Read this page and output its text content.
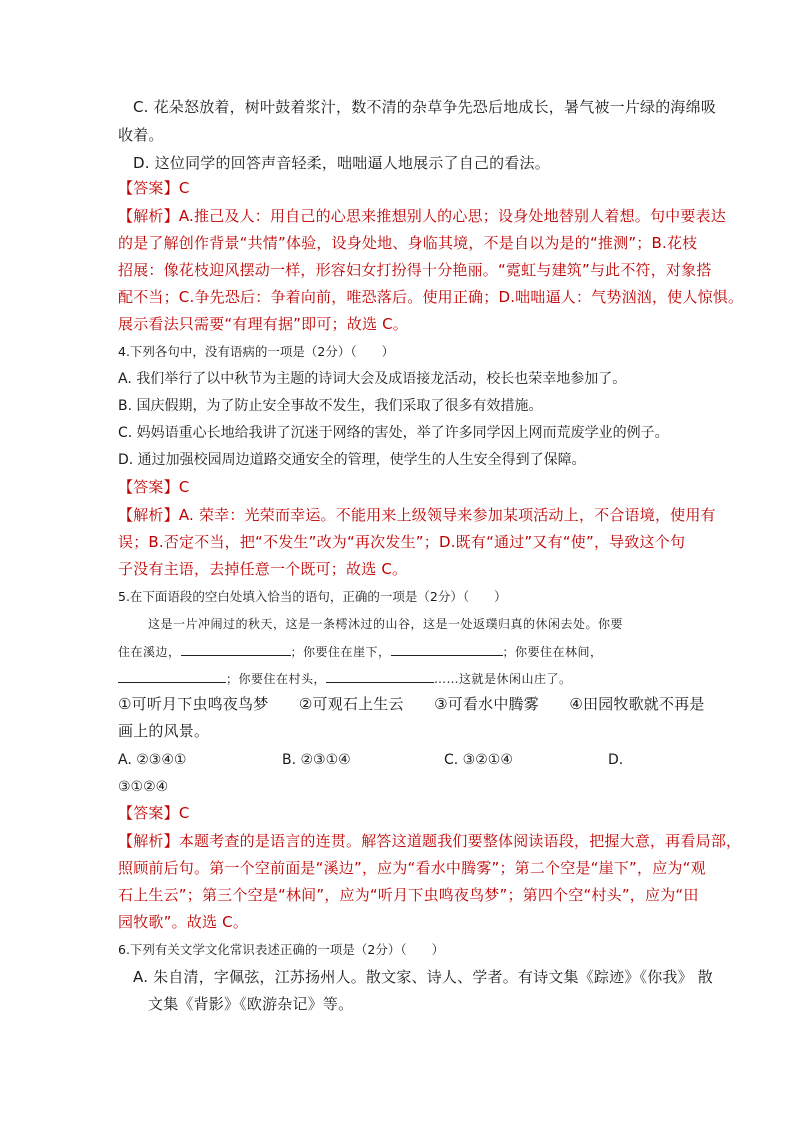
C. 花朵怒放着，树叶鼓着浆汁，数不清的杂草争先恐后地成长，暑气被一片绿的海绵吸
收着。
D. 这位同学的回答声音轻柔，咄咄逼人地展示了自己的看法。
【答案】C
【解析】A.推己及人：用自己的心思来推想别人的心思；设身处地替别人着想。句中要表达
的是了解创作背景“共情”体验，设身处地、身临其境，不是自以为是的“推测”；B.花枝
招展：像花枝迎风摆动一样，形容妇女打扮得十分艳丽。“霓虹与建筑”与此不符，对象搭
配不当；C.争先恐后：争着向前，唯恐落后。使用正确；D.咄咄逼人：气势汹汹，使人惊惧。
展示看法只需要“有理有据”即可；故选 C。
4.下列各句中，没有语病的一项是（2分）（　　）
A. 我们举行了以中秋节为主题的诗词大会及成语接龙活动，校长也荣幸地参加了。
B. 国庆假期，为了防止安全事故不发生，我们采取了很多有效措施。
C. 妈妈语重心长地给我讲了沉迷于网络的害处，举了许多同学因上网而荒废学业的例子。
D. 通过加强校园周边道路交通安全的管理，使学生的人生安全得到了保障。
【答案】C
【解析】A. 荣幸：光荣而幸运。不能用来上级领导来参加某项活动上，不合语境，使用有
误；B.否定不当，把“不发生”改为“再次发生”；D.既有“通过”又有“使”，导致这个句
子没有主语，去掉任意一个既可；故选 C。
5.在下面语段的空白处填入恰当的语句，正确的一项是（2分）（　　）
这是一片冲闹过的秋天，这是一条樗沐过的山谷，这是一处返璞归真的休闲去处。你要
住在溪边，	；你要住在崖下，	；你要住在林间，
；你要住在村头，	……这就是休闲山庄了。
①可听月下虫鸣夜鸟梦　　②可观石上生云　　③可看水中腾雾　　④田园牧歌就不再是
画上的风景。
A. ②③④①	B. ②③①④	C. ③②①④	D.
③①②④
【答案】C
【解析】本题考查的是语言的连贯。解答这道题我们要整体阅读语段，把握大意，再看局部，
照顾前后句。第一个空前面是“溪边”，应为“看水中腾雾”；第二个空是“崖下”，应为“观
石上生云”；第三个空是“林间”，应为“听月下虫鸣夜鸟梦”；第四个空“村头”，应为“田
园牧歌”。故选 C。
6.下列有关文学文化常识表述正确的一项是（2分）（　　）
A. 朱自清，字佩弦，江苏扬州人。散文家、诗人、学者。有诗文集《踪迹》《你我》 散
文集《背影》《欧游杂记》等。
